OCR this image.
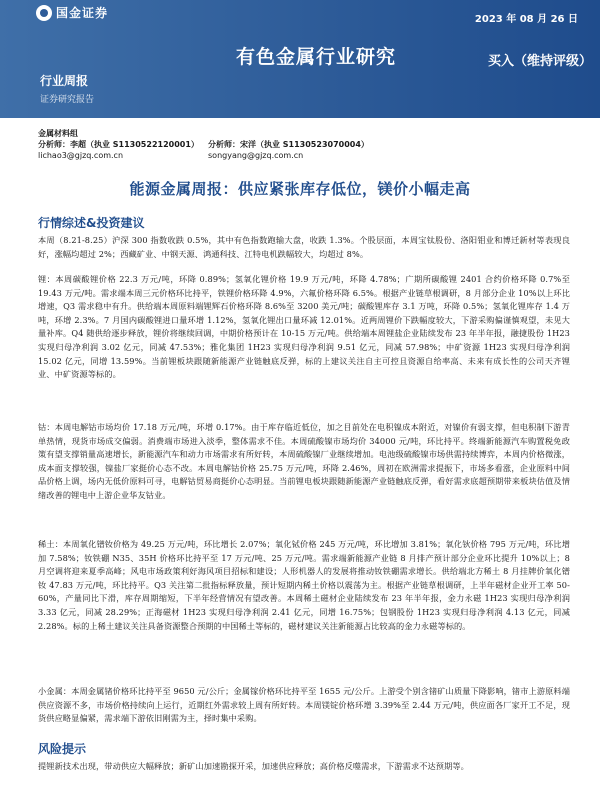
国金证券	2023 年 08 月 26 日
有色金属行业研究	买入（维持评级）
行业周报
证券研究报告
金属材料组
分析师：李超（执业 S1130522120001）	分析师：宋洋（执业 S1130523070004）
lichao3@gjzq.com.cn	songyang@gjzq.com.cn
能源金属周报：供应紧张库存低位，镁价小幅走高
行情综述&投资建议
本周（8.21-8.25）沪深 300 指数收跌 0.5%，其中有色指数跑输大盘，收跌 1.3%。个股层面，本周宝钛股份、洛阳钼业和博迁新材等表现良好，涨幅均超过 2%；西藏矿业、中钢天源、鸿通科技、江特电机跌幅较大，均超过 8%。
锂：本周碳酸锂价格 22.3 万元/吨，环降 0.89%；氢氧化锂价格 19.9 万元/吨，环降 4.78%；广期所碳酸锂 2401 合约价格环降 0.7%至 19.43 万元/吨。需求端本周三元价格环比持平，铁锂价格环降 4.9%，六氟价格环降 6.5%。根据产业链草根调研，8 月部分企业 10%以上环比增速，Q3 需求稳中有升。供给端本周原料端锂辉石价格环降 8.6%至 3200 美元/吨；碳酸锂库存 3.1 万吨，环降 0.5%；氢氧化锂库存 1.4 万吨，环增 2.3%。7 月国内碳酸锂进口量环增 1.12%，氢氧化锂出口量环减 12.01%。近两周锂价下跌幅度较大，下游采购偏谨慎观望，未见大量补库。Q4 随供给逐步释放，锂价将继续回调，中期价格预计在 10-15 万元/吨。供给端本周锂盐企业陆续发布 23 年半年报，融捷股份 1H23 实现归母净利润 3.02 亿元，同减 47.53%；雅化集团 1H23 实现归母净利润 9.51 亿元，同减 57.98%；中矿资源 1H23 实现归母净利润 15.02 亿元，同增 13.59%。当前锂板块跟随新能源产业链触底反弹，标的上建议关注自主可控且资源自给率高、未来有成长性的公司天齐锂业、中矿资源等标的。
钴：本周电解钴市场均价 17.18 万元/吨，环增 0.17%。由于库存临近低位，加之目前处在电积镍成本附近，对镍价有弱支撑，但电积制下游青单热情，现货市场成交偏弱。消费端市场进入淡季，整体需求不佳。本周硫酸镍市场均价 34000 元/吨，环比持平。终端新能源汽车购置税免政策有望支撑销量高速增长，新能源汽车和动力市场需求有所好转，本周硫酸镍厂业继续增加。电池级硫酸镍市场供需持续博弈，本周内价格微涨，成本面支撑较强，镍盐厂家挺价心态不改。本周电解钴价格 25.75 万元/吨，环降 2.46%，周初在欧洲需求提振下，市场多看涨，企业原料中间品价格上调，场内无低价原料可寻，电解钴贸易商挺价心态明显。当前锂电板块跟随新能源产业链触底反弹，看好需求底超预期带来板块估值及情绪改善的锂电中上游企业华友钴业。
稀土：本周氧化镨钕价格为 49.25 万元/吨，环比增长 2.07%；氧化铽价格 245 万元/吨，环比增加 3.81%；氧化钬价格 795 万元/吨，环比增加 7.58%；钕铁硼 N35、35H 价格环比持平至 17 万元/吨、25 万元/吨。需求端新能源产业链 8 月排产预计部分企业环比提升 10%以上；8 月空调将迎来夏季高峰；风电市场政策利好海风项目招标和建设；人形机器人的发展将推动钕铁硼需求增长。供给端北方稀土 8 月挂牌价氧化镨钕 47.83 万元/吨，环比持平。Q3 关注第二批指标释放量，预计短期内稀土价格以震荡为主。根据产业链草根调研，上半年磁材企业开工率 50-60%，产量同比下滑，库存周期缩短，下半年经营情况有望改善。本周稀土磁材企业陆续发布 23 年半年报，金力永磁 1H23 实现归母净利润 3.33 亿元，同减 28.29%；正海磁材 1H23 实现归母净利润 2.41 亿元，同增 16.75%；包钢股份 1H23 实现归母净利润 4.13 亿元，同减 2.28%。标的上稀土建议关注具备资源整合预期的中国稀土等标的，磁材建议关注新能源占比较高的金力永磁等标的。
小金属：本周金属锗价格环比持平至 9650 元/公斤；金属镓价格环比持平至 1655 元/公斤。上游受个别含锗矿山质量下降影响，锗市上游原料端供应资源不多，市场价格持续向上运行，近期红外需求较上周有所好转。本周镁锭价格环增 3.39%至 2.44 万元/吨，供应面各厂家开工不足，现货供应略显偏紧，需求端下游依旧刚需为主，择时集中采购。
风险提示
提锂新技术出现，带动供应大幅释放；新矿山加速勘探开采，加速供应释放；高价格反噬需求，下游需求不达预期等。
